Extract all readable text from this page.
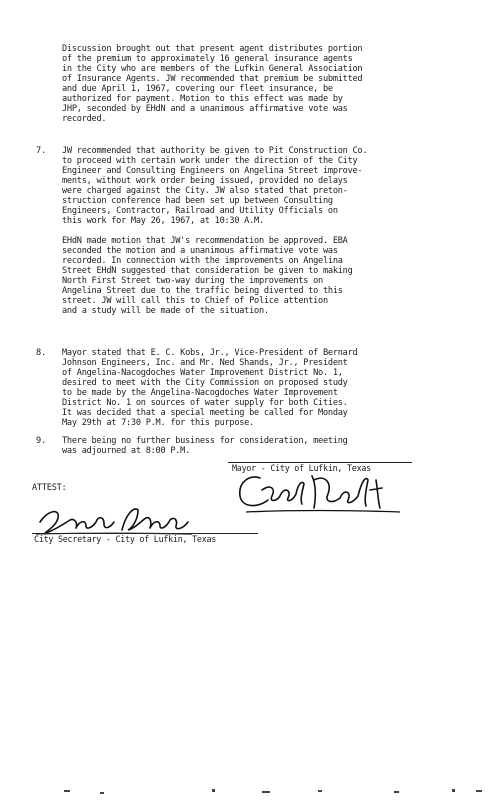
Discussion brought out that present agent distributes portion
of the premium to approximately 16 general insurance agents
in the City who are members of the Lufkin General Association
of Insurance Agents. JW recommended that premium be submitted
and due April 1, 1967, covering our fleet insurance, be
authorized for payment. Motion to this effect was made by
JHP, seconded by EHdN and a unanimous affirmative vote was
recorded.
7. JW recommended that authority be given to Pit Construction Co.
to proceed with certain work under the direction of the City
Engineer and Consulting Engineers on Angelina Street improve-
ments, without work order being issued, provided no delays
were charged against the City. JW also stated that preton-
struction conference had been set up between Consulting
Engineers, Contractor, Railroad and Utility Officials on
this work for May 26, 1967, at 10:30 A.M.
EHdN made motion that JW's recommendation be approved. EBA
seconded the motion and a unanimous affirmative vote was
recorded. In connection with the improvements on Angelina
Street EHdN suggested that consideration be given to making
North First Street two-way during the improvements on
Angelina Street due to the traffic being diverted to this
street. JW will call this to Chief of Police attention
and a study will be made of the situation.
8. Mayor stated that E. C. Kobs, Jr., Vice-President of Bernard
Johnson Engineers, Inc. and Mr. Ned Shands, Jr., President
of Angelina-Nacogdoches Water Improvement District No. 1,
desired to meet with the City Commission on proposed study
to be made by the Angelina-Nacogdoches Water Improvement
District No. 1 on sources of water supply for both Cities.
It was decided that a special meeting be called for Monday
May 29th at 7:30 P.M. for this purpose.
9. There being no further business for consideration, meeting
was adjourned at 8:00 P.M.
Mayor - City of Lufkin, Texas
ATTEST:
City Secretary - City of Lufkin, Texas
